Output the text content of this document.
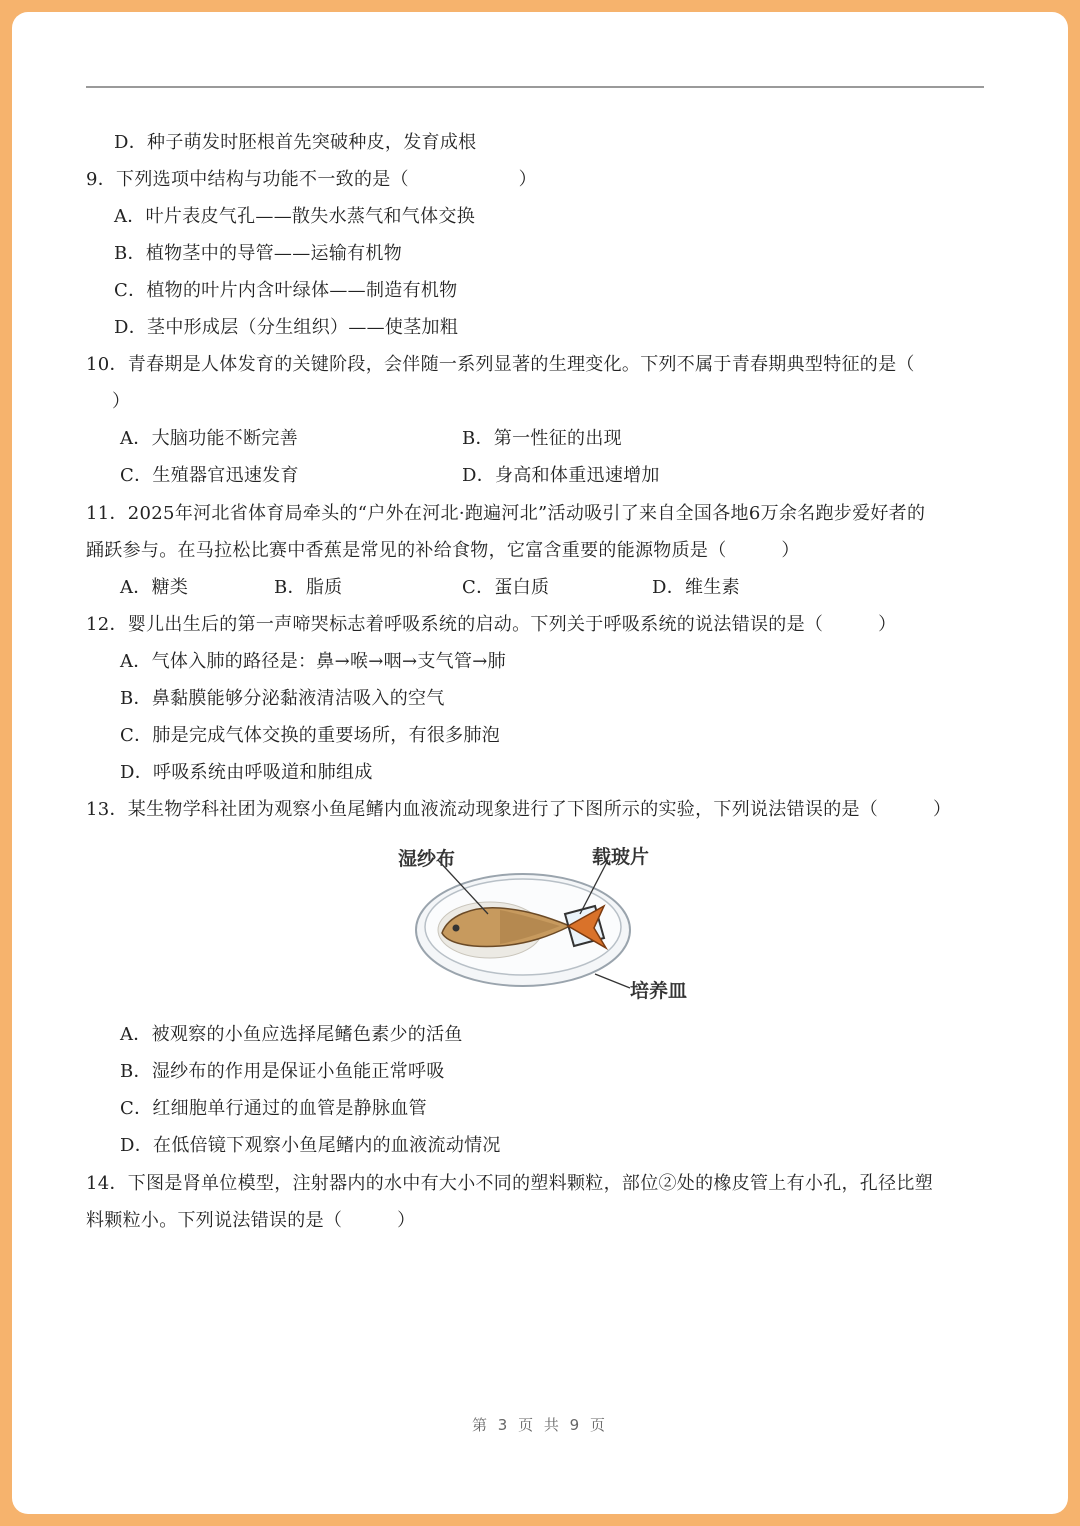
D．种子萌发时胚根首先突破种皮，发育成根
9．下列选项中结构与功能不一致的是（　　　　　　）
A．叶片表皮气孔——散失水蒸气和气体交换
B．植物茎中的导管——运输有机物
C．植物的叶片内含叶绿体——制造有机物
D．茎中形成层（分生组织）——使茎加粗
10．青春期是人体发育的关键阶段，会伴随一系列显著的生理变化。下列不属于青春期典型特征的是（
）
A．大脑功能不断完善	B．第一性征的出现
C．生殖器官迅速发育	D．身高和体重迅速增加
11．2025年河北省体育局牵头的“户外在河北·跑遍河北”活动吸引了来自全国各地6万余名跑步爱好者的
踊跃参与。在马拉松比赛中香蕉是常见的补给食物，它富含重要的能源物质是（　　　）
A．糖类	B．脂质	C．蛋白质	D．维生素
12．婴儿出生后的第一声啼哭标志着呼吸系统的启动。下列关于呼吸系统的说法错误的是（　　　）
A．气体入肺的路径是：鼻→喉→咽→支气管→肺
B．鼻黏膜能够分泌黏液清洁吸入的空气
C．肺是完成气体交换的重要场所，有很多肺泡
D．呼吸系统由呼吸道和肺组成
13．某生物学科社团为观察小鱼尾鳍内血液流动现象进行了下图所示的实验，下列说法错误的是（　　　）
湿纱布	载玻片
培养皿
A．被观察的小鱼应选择尾鳍色素少的活鱼
B．湿纱布的作用是保证小鱼能正常呼吸
C．红细胞单行通过的血管是静脉血管
D．在低倍镜下观察小鱼尾鳍内的血液流动情况
14．下图是肾单位模型，注射器内的水中有大小不同的塑料颗粒，部位②处的橡皮管上有小孔，孔径比塑
料颗粒小。下列说法错误的是（　　　）
第 3 页 共 9 页
